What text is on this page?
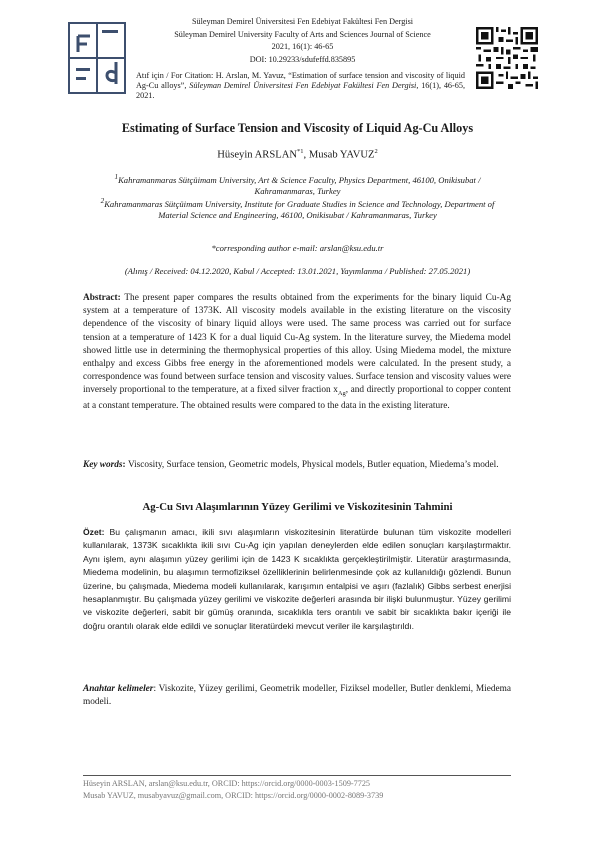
Süleyman Demirel Üniversitesi Fen Edebiyat Fakültesi Fen Dergisi
Süleyman Demirel University Faculty of Arts and Sciences Journal of Science
2021, 16(1): 46-65
DOI: 10.29233/sdufeffd.835895
Atıf için / For Citation: H. Arslan, M. Yavuz, “Estimation of surface tension and viscosity of liquid Ag-Cu alloys”, Süleyman Demirel Üniversitesi Fen Edebiyat Fakültesi Fen Dergisi, 16(1), 46-65, 2021.
Estimating of Surface Tension and Viscosity of Liquid Ag-Cu Alloys
Hüseyin ARSLAN$^{*1}$, Musab YAVUZ$^2$
$^1$Kahramanmaras Sütçüimam University, Art & Science Faculty, Physics Department, 46100, Onikisubat / Kahramanmaras, Turkey
$^2$Kahramanmaras Sütçüimam University, Institute for Graduate Studies in Science and Technology, Department of Material Science and Engineering, 46100, Onikisubat / Kahramanmaras, Turkey
*corresponding author e-mail: arslan@ksu.edu.tr
(Alınış / Received: 04.12.2020, Kabul / Accepted: 13.01.2021, Yayımlanma / Published: 27.05.2021)
Abstract: The present paper compares the results obtained from the experiments for the binary liquid Cu-Ag system at a temperature of 1373K. All viscosity models available in the existing literature on the viscosity dependence of the viscosity of binary liquid alloys were used. The same process was carried out for surface tension at a temperature of 1423 K for a dual liquid Cu-Ag system. In the literature survey, the Miedema model showed little use in determining the thermophysical properties of this alloy. Using Miedema model, the mixture enthalpy and excess Gibbs free energy in the aforementioned models were calculated. In the present study, a correspondence was found between surface tension and viscosity values. Surface tension and viscosity values were inversely proportional to the temperature, at a fixed silver fraction $x_{Ag}$, and directly proportional to copper content at a constant temperature. The obtained results were compared to the data in the existing literature.
Key words: Viscosity, Surface tension, Geometric models, Physical models, Butler equation, Miedema’s model.
Ag-Cu Sıvı Alaşımlarının Yüzey Gerilimi ve Viskozitesinin Tahmini
Özet: Bu çalışmanın amacı, ikili sıvı alaşımların viskozitesinin literatürde bulunan tüm viskozite modelleri kullanılarak, 1373K sıcaklıkta ikili sıvı Cu-Ag için yapılan deneylerden elde edilen sonuçları karşılaştırmaktır. Aynı işlem, aynı alaşımın yüzey gerilimi için de 1423 K sıcaklıkta gerçekleştirilmiştir. Literatür araştırmasında, Miedema modelinin, bu alaşımın termofiziksel özelliklerinin belirlenmesinde çok az kullanıldığı gözlendi. Bunun üzerine, bu çalışmada, Miedema modeli kullanılarak, karışımın entalpisi ve aşırı (fazlalık) Gibbs serbest enerjisi hesaplanmıştır. Bu çalışmada yüzey gerilimi ve viskozite değerleri arasında bir ilişki bulunmuştur. Yüzey gerilimi ve viskozite değerleri, sabit bir gümüş oranında, sıcaklıkla ters orantılı ve sabit bir sıcaklıkta bakır içeriği ile doğru orantılı olarak elde edildi ve sonuçlar literatürdeki mevcut veriler ile karşılaştırıldı.
Anahtar kelimeler: Viskozite, Yüzey gerilimi, Geometrik modeller, Fiziksel modeller, Butler denklemi, Miedema modeli.
Hüseyin ARSLAN, arslan@ksu.edu.tr, ORCID: https://orcid.org/0000-0003-1509-7725
Musab YAVUZ, musabyavuz@gmail.com, ORCID: https://orcid.org/0000-0002-8089-3739
